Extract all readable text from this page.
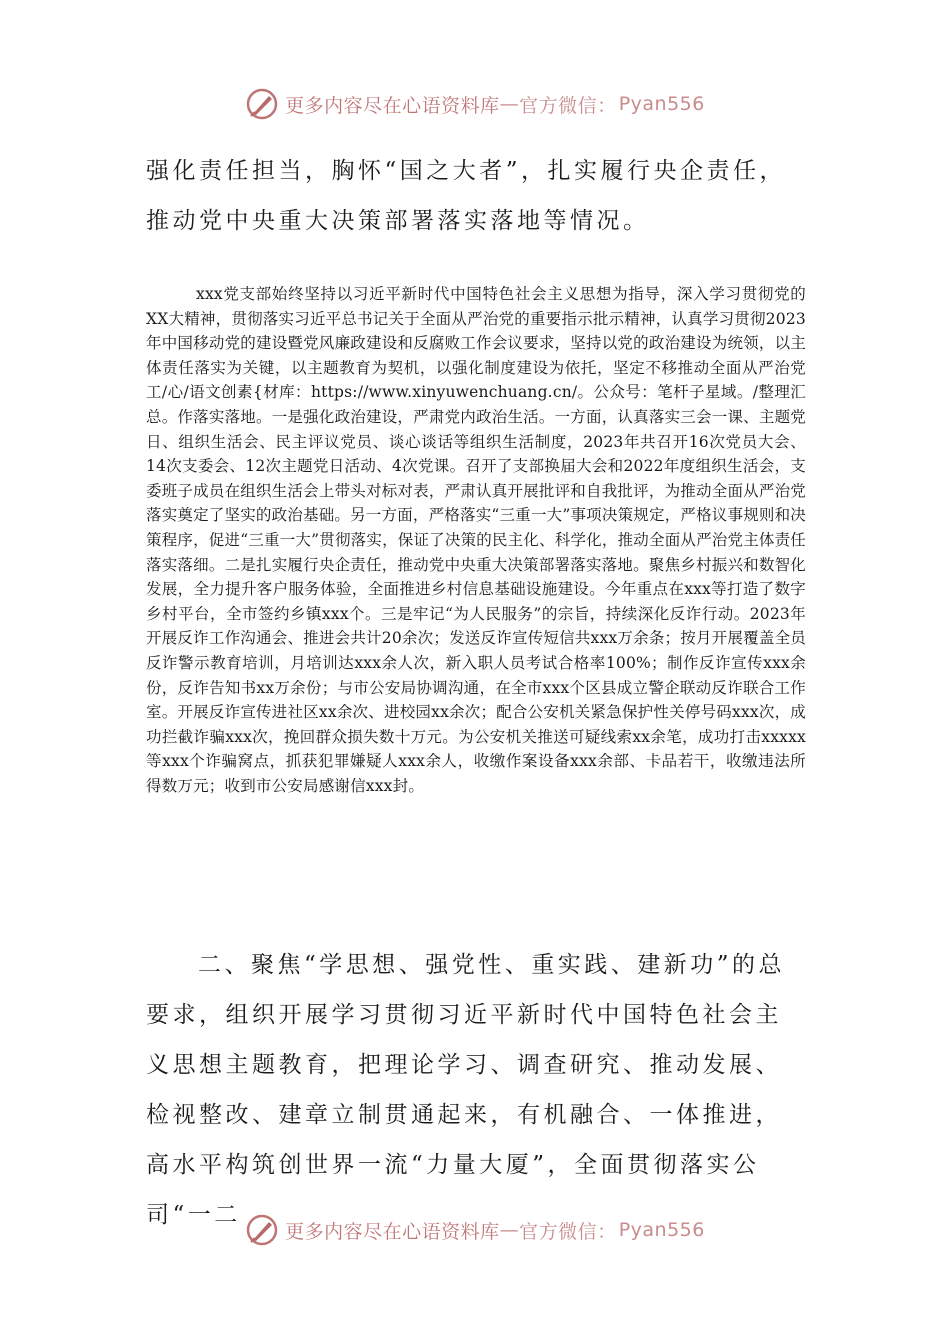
更多内容尽在心语资料库 — 官方微信： Pyan556

强化责任担当，胸怀“国之大者”，扎实履行央企责任，推动党中央重大决策部署落实落地等情况。

xxx党支部始终坚持以习近平新时代中国特色社会主义思想为指导，深入学习贯彻党的XX大精神，贯彻落实习近平总书记关于全面从严治党的重要指示批示精神，认真学习贯彻2023年中国移动党的建设暨党风廉政建设和反腐败工作会议要求，坚持以党的政治建设为统领，以主体责任落实为关键，以主题教育为契机，以强化制度建设为依托，坚定不移推动全面从严治党工/心/语文创素{材库：https://www.xinyuwenchuang.cn/。公众号：笔杆子星域。/整理汇总。作落实落地。一是强化政治建设，严肃党内政治生活。一方面，认真落实三会一课、主题党日、组织生活会、民主评议党员、谈心谈话等组织生活制度，2023年共召开16次党员大会、14次支委会、12次主题党日活动、4次党课。召开了支部换届大会和2022年度组织生活会，支委班子成员在组织生活会上带头对标对表，严肃认真开展批评和自我批评，为推动全面从严治党落实奠定了坚实的政治基础。另一方面，严格落实“三重一大”事项决策规定，严格议事规则和决策程序，促进“三重一大”贯彻落实，保证了决策的民主化、科学化，推动全面从严治党主体责任落实落细。二是扎实履行央企责任，推动党中央重大决策部署落实落地。聚焦乡村振兴和数智化发展，全力提升客户服务体验，全面推进乡村信息基础设施建设。今年重点在xxx等打造了数字乡村平台，全市签约乡镇xxx个。三是牢记“为人民服务”的宗旨，持续深化反诈行动。2023年开展反诈工作沟通会、推进会共计20余次；发送反诈宣传短信共xxx万余条；按月开展覆盖全员反诈警示教育培训，月培训达xxx余人次，新入职人员考试合格率100%；制作反诈宣传xxx余份，反诈告知书xx万余份；与市公安局协调沟通，在全市xxx个区县成立警企联动反诈联合工作室。开展反诈宣传进社区xx余次、进校园xx余次；配合公安机关紧急保护性关停号码xxx次，成功拦截诈骗xxx次，挽回群众损失数十万元。为公安机关推送可疑线索xx余笔，成功打击xxxxx等xxx个诈骗窝点，抓获犯罪嫌疑人xxx余人，收缴作案设备xxx余部、卡品若干，收缴违法所得数万元；收到市公安局感谢信xxx封。

二、聚焦“学思想、强党性、重实践、建新功”的总要求，组织开展学习贯彻习近平新时代中国特色社会主义思想主题教育，把理论学习、调查研究、推动发展、检视整改、建章立制贯通起来，有机融合、一体推进，高水平构筑创世界一流“力量大厦”，全面贯彻落实公司“一二

更多内容尽在心语资料库 — 官方微信： Pyan556
